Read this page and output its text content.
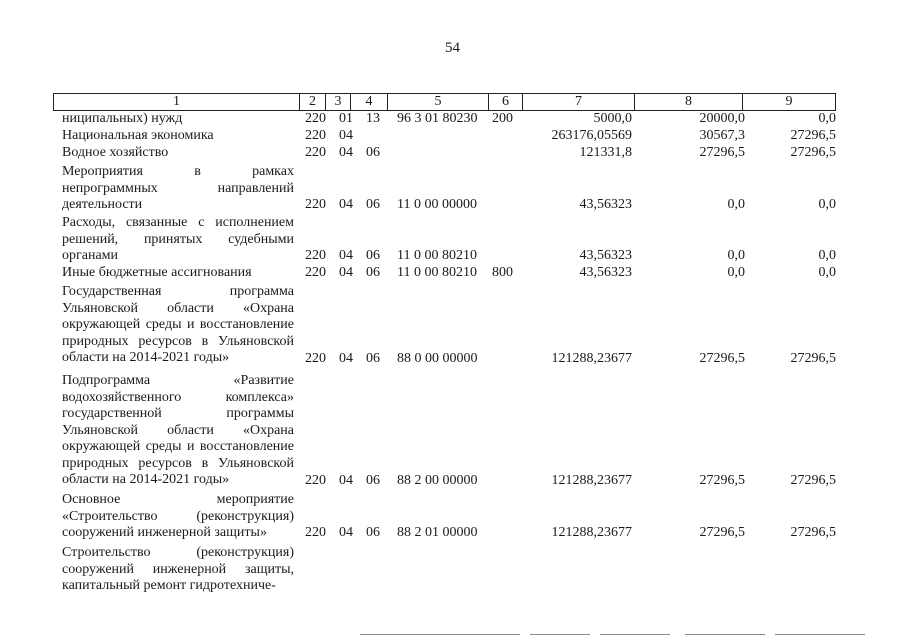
54
1	2	3	4	5	6	7	8	9
ниципальных) нужд	220 01 13 96 3 01 80230 200	5000,0	20000,0	0,0
Национальная экономика	220 04	263176,05569	30567,3	27296,5
Водное хозяйство	220 04 06	121331,8	27296,5	27296,5
Мероприятия в рамках непрограммных направлений деятельности	220 04 06 11 0 00 00000	43,56323	0,0	0,0
Расходы, связанные с исполнением решений, принятых судебными органами	220 04 06 11 0 00 80210	43,56323	0,0	0,0
Иные бюджетные ассигнования	220 04 06 11 0 00 80210 800	43,56323	0,0	0,0
Государственная программа Ульяновской области «Охрана окружающей среды и восстановление природных ресурсов в Ульяновской области на 2014-2021 годы»	220 04 06 88 0 00 00000	121288,23677	27296,5	27296,5
Подпрограмма «Развитие водохозяйственного комплекса» государственной программы Ульяновской области «Охрана окружающей среды и восстановление природных ресурсов в Ульяновской области на 2014-2021 годы»	220 04 06 88 2 00 00000	121288,23677	27296,5	27296,5
Основное мероприятие «Строительство (реконструкция) сооружений инженерной защиты»	220 04 06 88 2 01 00000	121288,23677	27296,5	27296,5
Строительство (реконструкция) сооружений инженерной защиты, капитальный ремонт гидротехниче-
